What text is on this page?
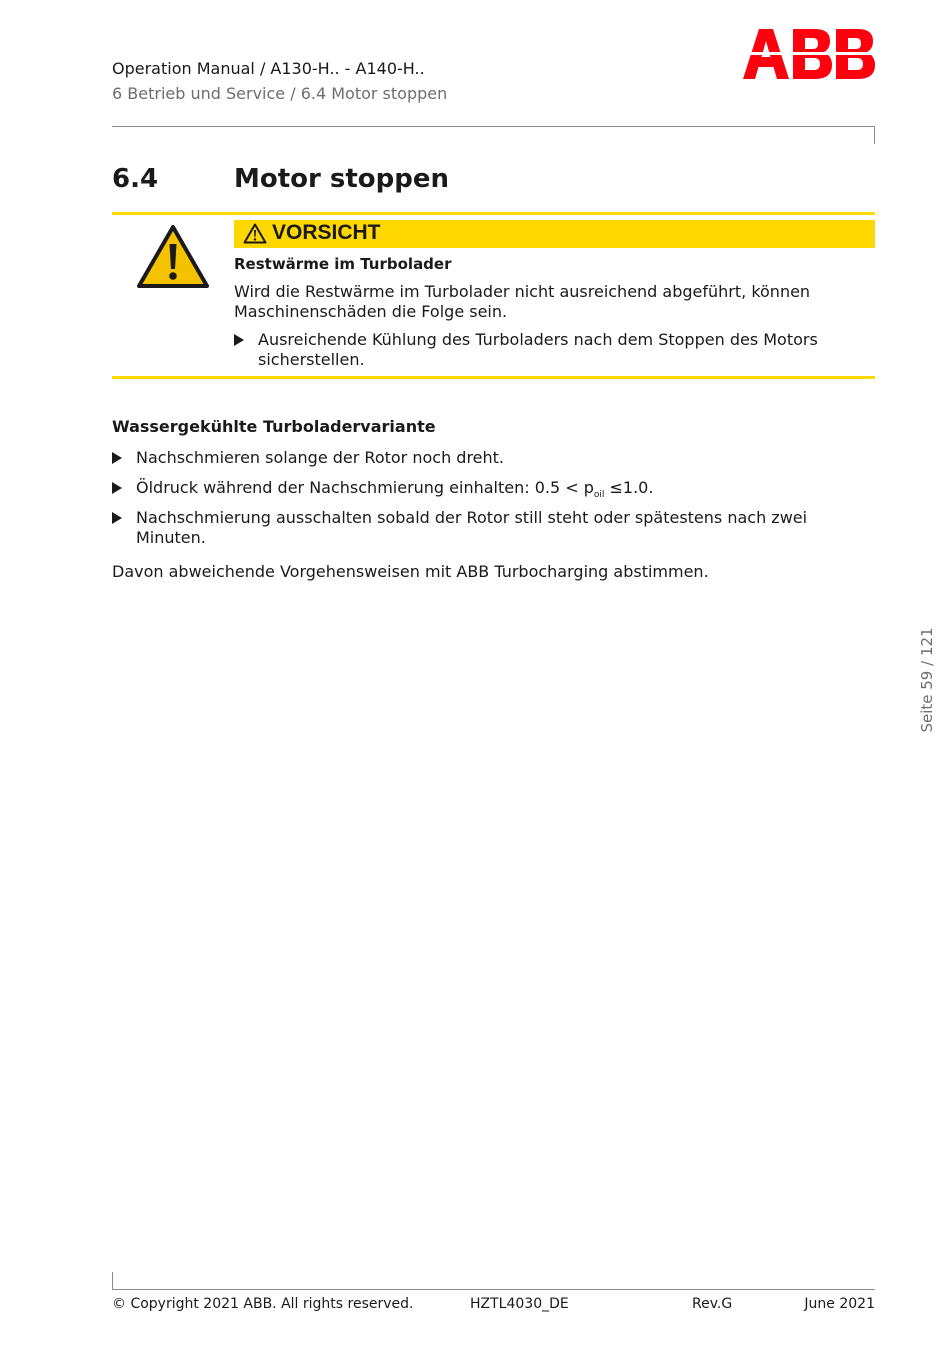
Operation Manual / A130-H.. - A140-H..
6 Betrieb und Service / 6.4 Motor stoppen
6.4	Motor stoppen
VORSICHT
Restwärme im Turbolader
Wird die Restwärme im Turbolader nicht ausreichend abgeführt, können Maschinenschäden die Folge sein.
Ausreichende Kühlung des Turboladers nach dem Stoppen des Motors sicherstellen.
Wassergekühlte Turboladervariante
Nachschmieren solange der Rotor noch dreht.
Öldruck während der Nachschmierung einhalten: $0.5 < p_{oil} \le 1.0$.
Nachschmierung ausschalten sobald der Rotor still steht oder spätestens nach zwei Minuten.
Davon abweichende Vorgehensweisen mit ABB Turbocharging abstimmen.
Seite 59 / 121
© Copyright 2021 ABB. All rights reserved.	HZTL4030_DE	Rev.G	June 2021
